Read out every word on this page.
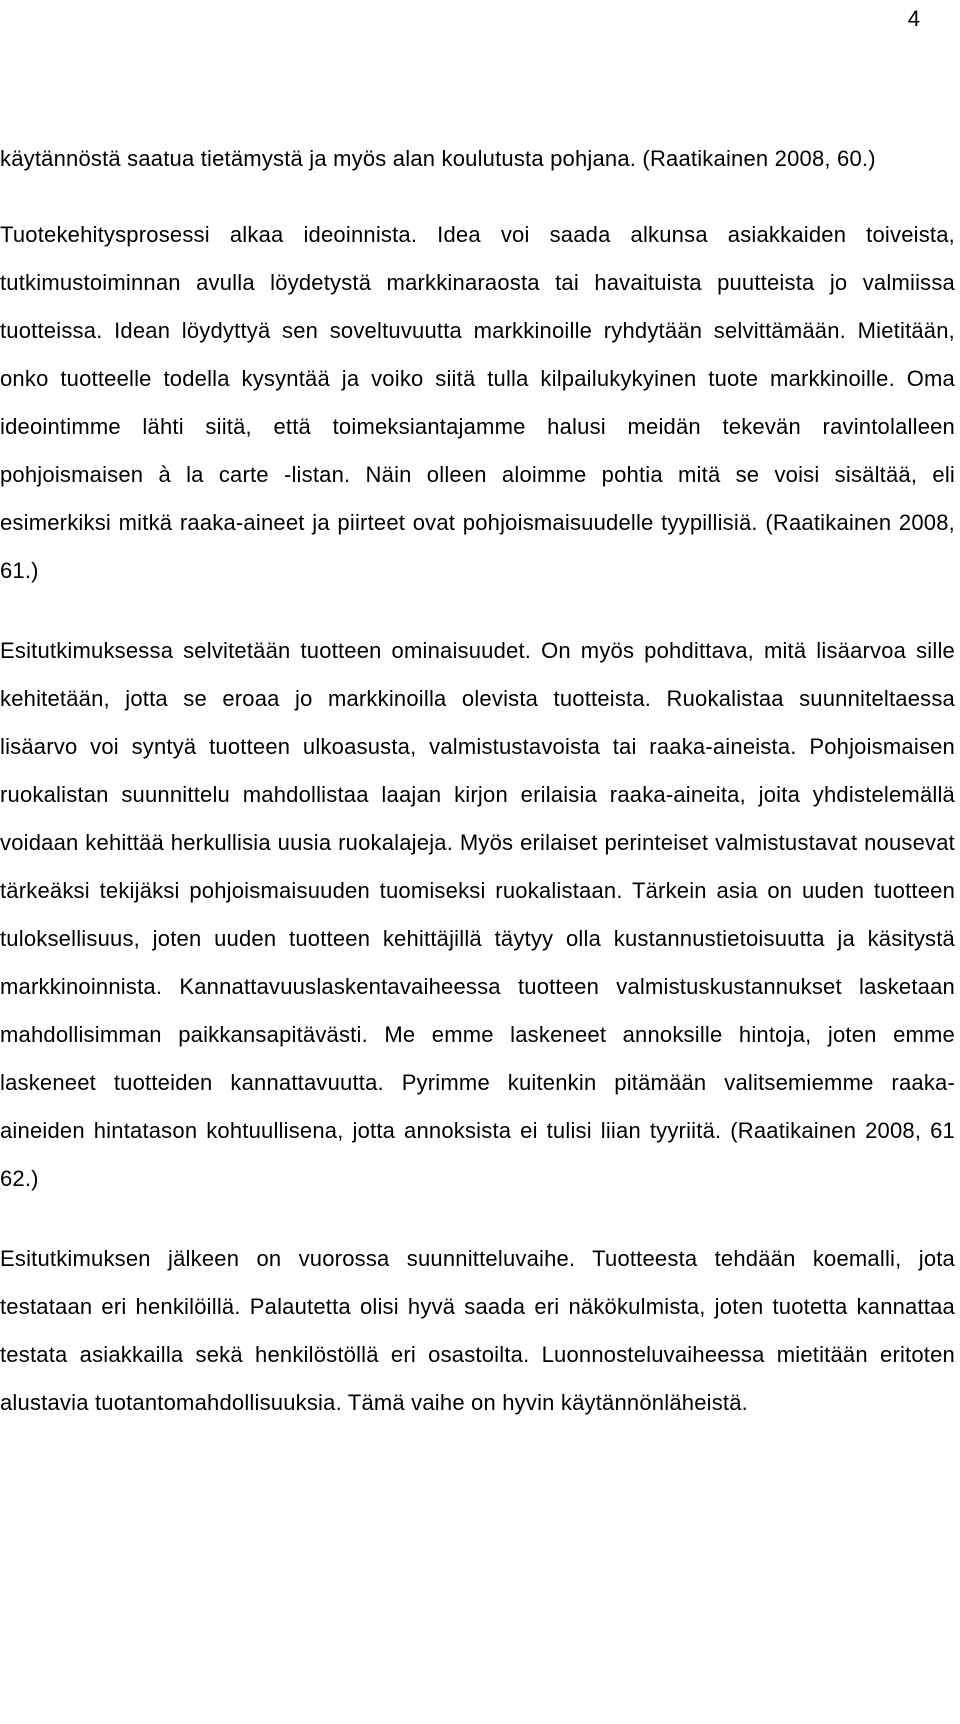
4

käytännöstä saatua tietämystä ja myös alan koulutusta pohjana. (Raatikainen 2008, 60.)

Tuotekehitysprosessi alkaa ideoinnista. Idea voi saada alkunsa asiakkaiden toiveista, tutkimustoiminnan avulla löydetystä markkinaraosta tai havaituista puutteista jo valmiissa tuotteissa. Idean löydyttyä sen soveltuvuutta markkinoille ryhdytään selvittämään. Mietitään, onko tuotteelle todella kysyntää ja voiko siitä tulla kilpailukykyinen tuote markkinoille. Oma ideointimme lähti siitä, että toimeksiantajamme halusi meidän tekevän ravintolalleen pohjoismaisen à la carte -listan. Näin olleen aloimme pohtia mitä se voisi sisältää, eli esimerkiksi mitkä raaka-aineet ja piirteet ovat pohjoismaisuudelle tyypillisiä. (Raatikainen 2008, 61.)

Esitutkimuksessa selvitetään tuotteen ominaisuudet. On myös pohdittava, mitä lisäarvoa sille kehitetään, jotta se eroaa jo markkinoilla olevista tuotteista. Ruokalistaa suunniteltaessa lisäarvo voi syntyä tuotteen ulkoasusta, valmistustavoista tai raaka-aineista. Pohjoismaisen ruokalistan suunnittelu mahdollistaa laajan kirjon erilaisia raaka-aineita, joita yhdistelemällä voidaan kehittää herkullisia uusia ruokalajeja. Myös erilaiset perinteiset valmistustavat nousevat tärkeäksi tekijäksi pohjoismaisuuden tuomiseksi ruokalistaan. Tärkein asia on uuden tuotteen tuloksellisuus, joten uuden tuotteen kehittäjillä täytyy olla kustannustietoisuutta ja käsitystä markkinoinnista. Kannattavuuslaskentavaiheessa tuotteen valmistuskustannukset lasketaan mahdollisimman paikkansapitävästi. Me emme laskeneet annoksille hintoja, joten emme laskeneet tuotteiden kannattavuutta. Pyrimme kuitenkin pitämään valitsemiemme raaka-aineiden hintatason kohtuullisena, jotta annoksista ei tulisi liian tyyriitä. (Raatikainen 2008, 61 62.)

Esitutkimuksen jälkeen on vuorossa suunnitteluvaihe. Tuotteesta tehdään koemalli, jota testataan eri henkilöillä. Palautetta olisi hyvä saada eri näkökulmista, joten tuotetta kannattaa testata asiakkailla sekä henkilöstöllä eri osastoilta. Luonnosteluvaiheessa mietitään eritoten alustavia tuotantomahdollisuuksia. Tämä vaihe on hyvin käytännönläheistä.
